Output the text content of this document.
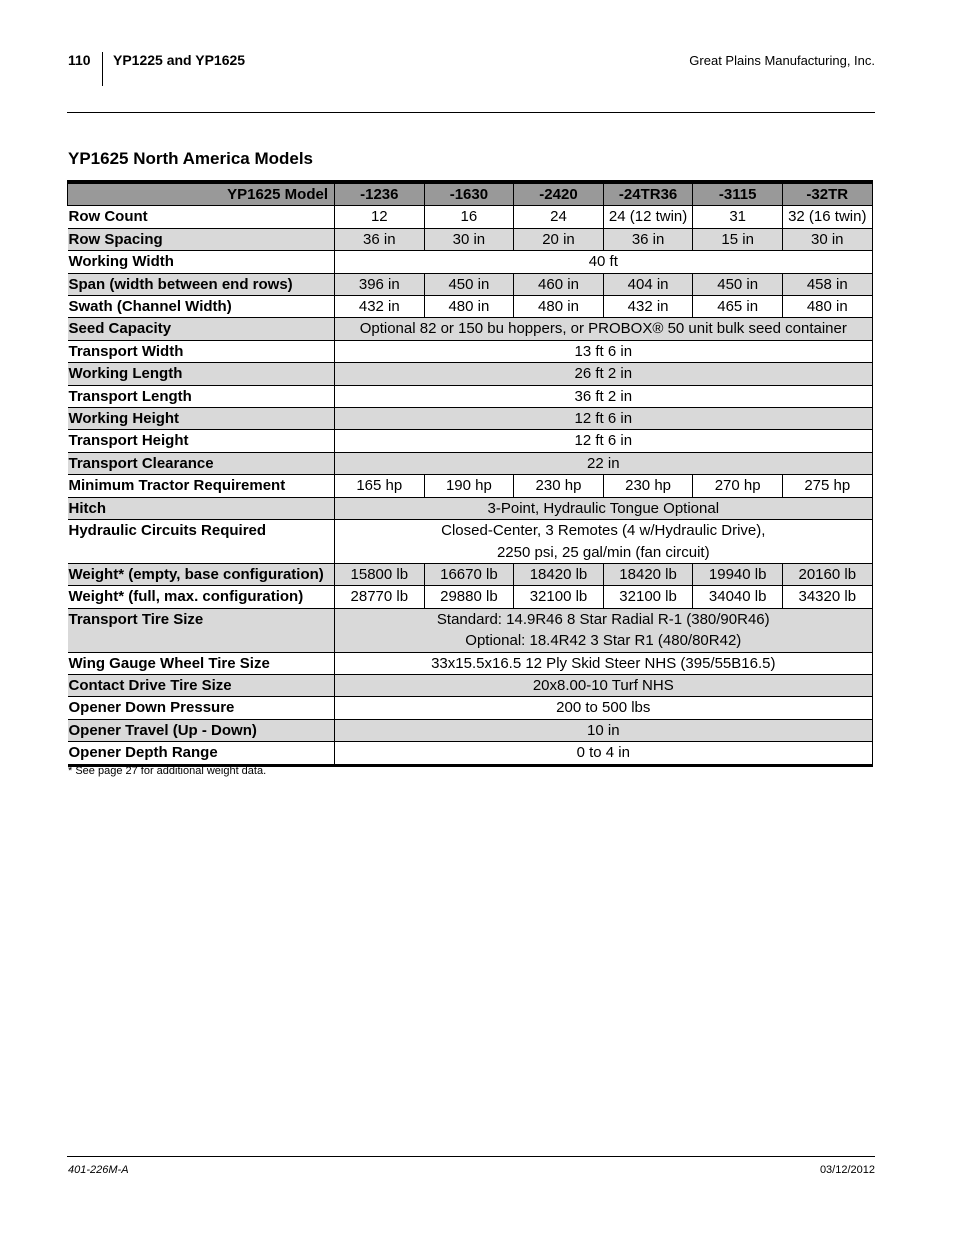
110 YP1225 and YP1625	Great Plains Manufacturing, Inc.
YP1625 North America Models
YP1625 Model	-1236	-1630	-2420	-24TR36	-3115	-32TR
Row Count	12	16	24	24 (12 twin)	31	32 (16 twin)
Row Spacing	36 in	30 in	20 in	36 in	15 in	30 in
Working Width	40 ft					
Span (width between end rows)	396 in	450 in	460 in	404 in	450 in	458 in
Swath (Channel Width)	432 in	480 in	480 in	432 in	465 in	480 in
Seed Capacity	Optional 82 or 150 bu hoppers, or PROBOX® 50 unit bulk seed container					
Transport Width	13 ft 6 in					
Working Length	26 ft 2 in					
Transport Length	36 ft 2 in					
Working Height	12 ft 6 in					
Transport Height	12 ft 6 in					
Transport Clearance	22 in					
Minimum Tractor Requirement	165 hp	190 hp	230 hp	230 hp	270 hp	275 hp
Hitch	3-Point, Hydraulic Tongue Optional					
Hydraulic Circuits Required	Closed-Center, 3 Remotes (4 w/Hydraulic Drive),
2250 psi, 25 gal/min (fan circuit)					

Weight* (empty, base configuration)	15800 lb	16670 lb	18420 lb	18420 lb	19940 lb	20160 lb
Weight* (full, max. configuration)	28770 lb	29880 lb	32100 lb	32100 lb	34040 lb	34320 lb
Transport Tire Size	Standard: 14.9R46 8 Star Radial R-1 (380/90R46)
Optional: 18.4R42 3 Star R1 (480/80R42)					

Wing Gauge Wheel Tire Size	33x15.5x16.5 12 Ply Skid Steer NHS (395/55B16.5)					
Contact Drive Tire Size	20x8.00-10 Turf NHS					
Opener Down Pressure	200 to 500 lbs					
Opener Travel (Up - Down)	10 in					
Opener Depth Range	0 to 4 in					
* See page 27 for additional weight data.
401-226M-A	03/12/2012
